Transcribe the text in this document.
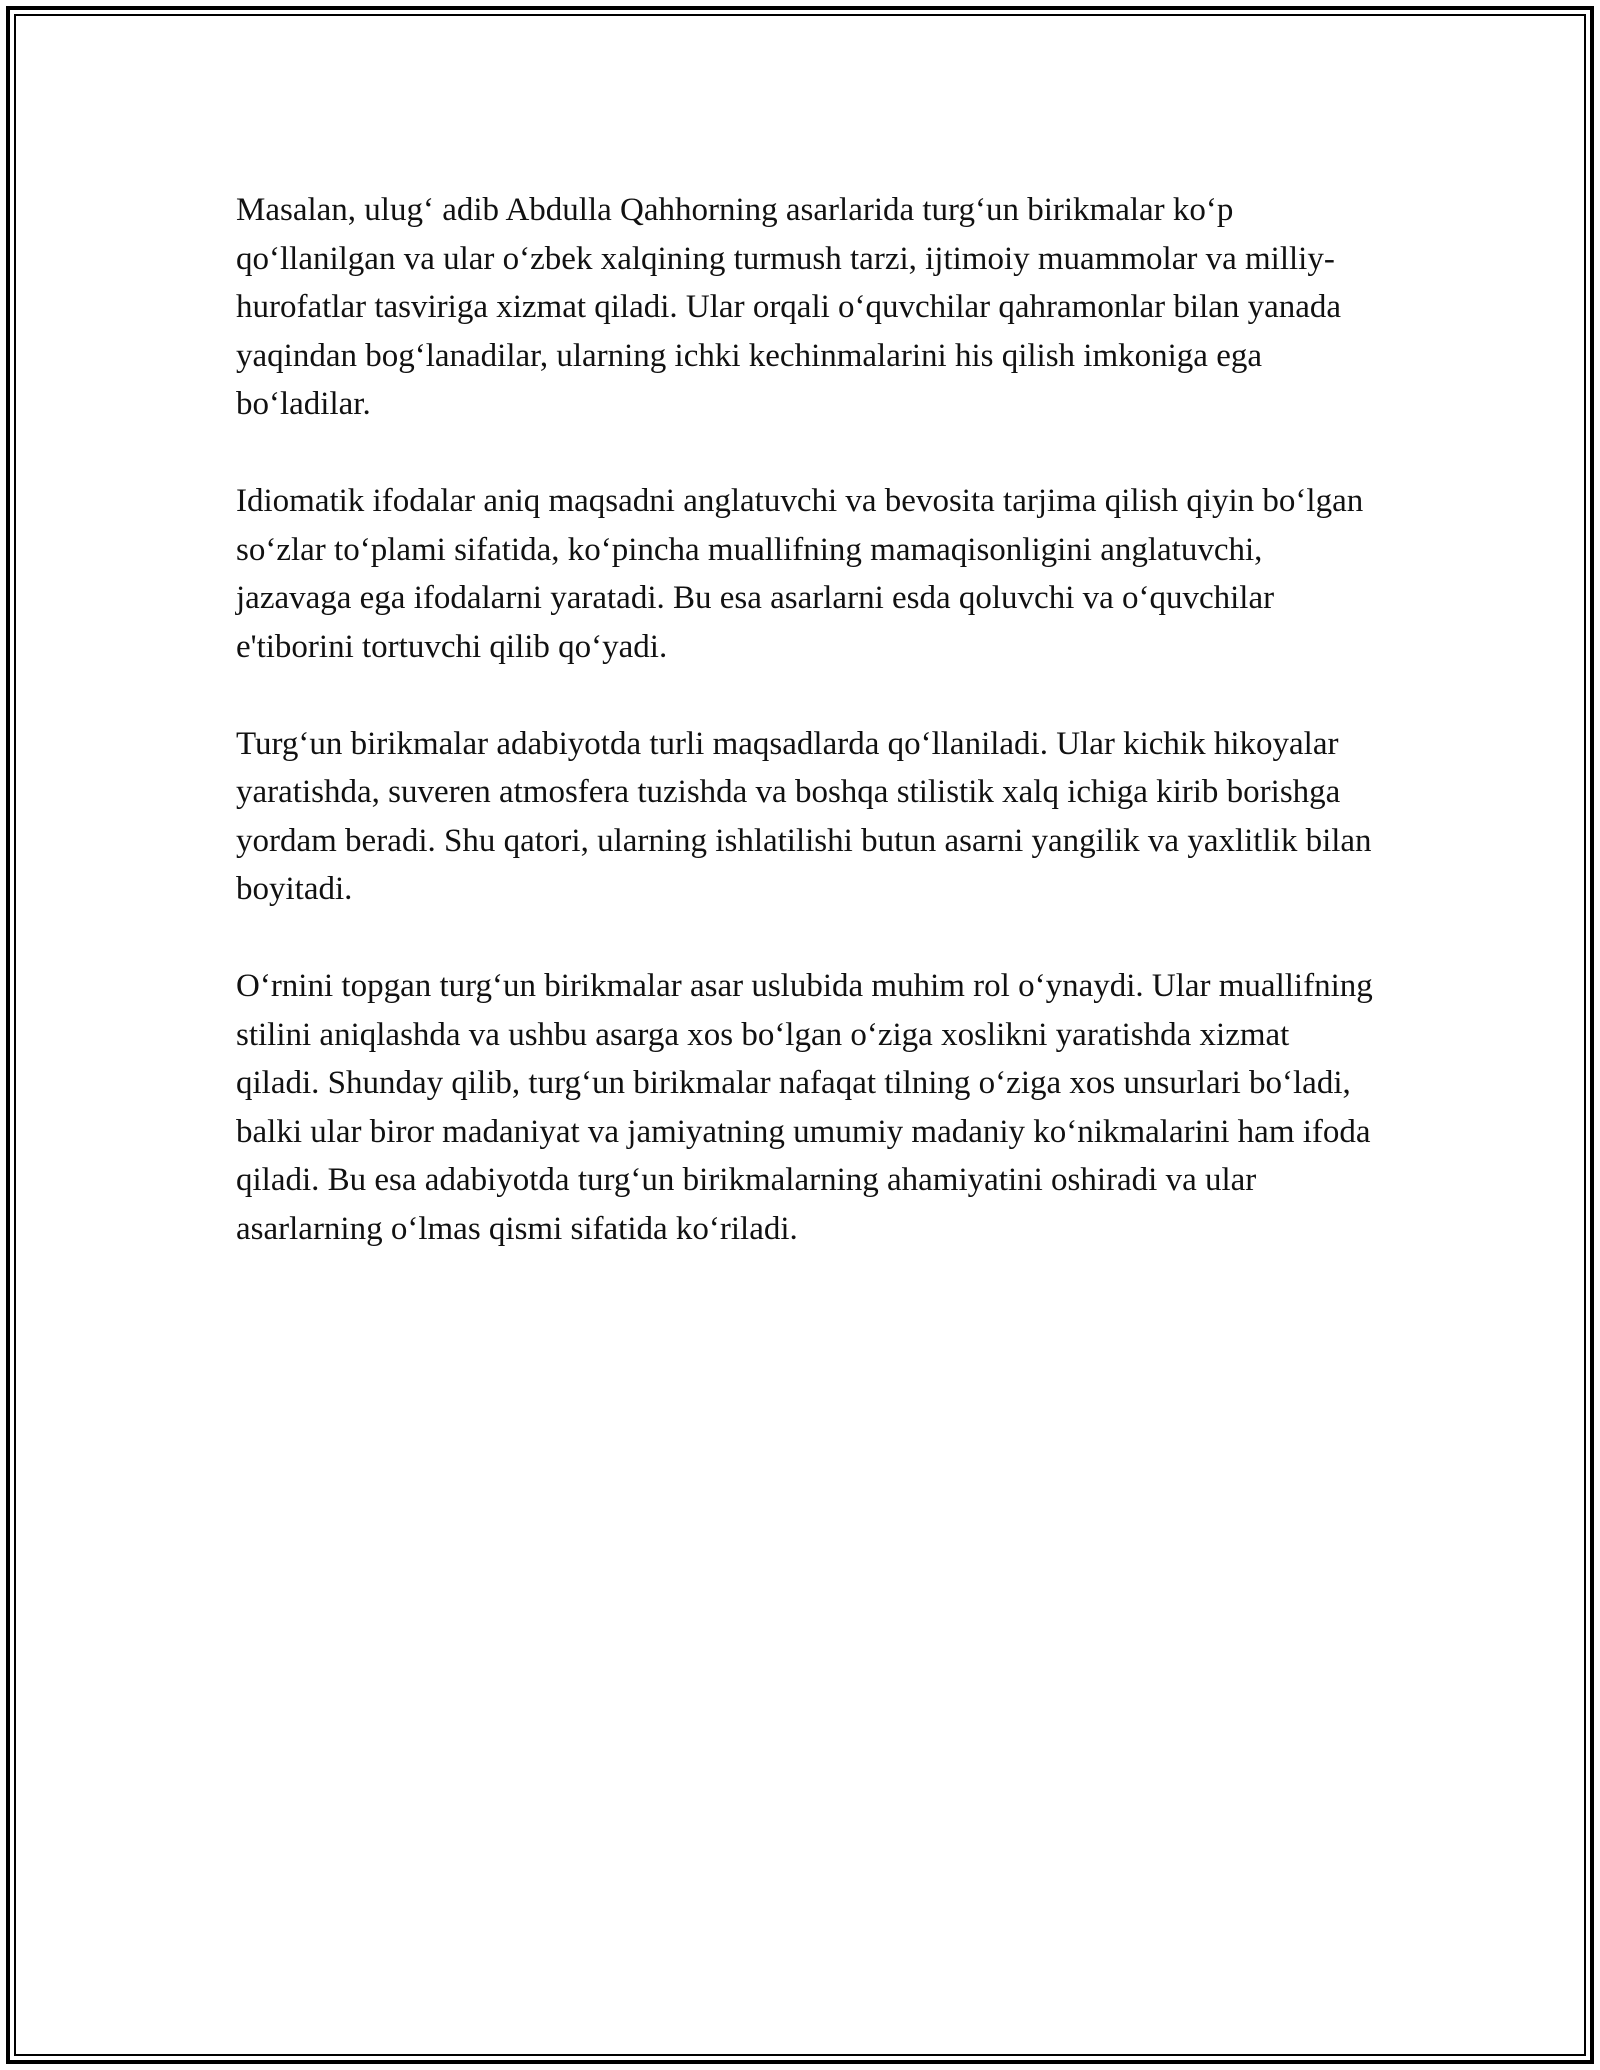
Masalan, ulug‘ adib Abdulla Qahhorning asarlarida turg‘un birikmalar ko‘p qo‘llanilgan va ular o‘zbek xalqining turmush tarzi, ijtimoiy muammolar va milliy-hurofatlar tasviriga xizmat qiladi. Ular orqali o‘quvchilar qahramonlar bilan yanada yaqindan bog‘lanadilar, ularning ichki kechinmalarini his qilish imkoniga ega bo‘ladilar.

Idiomatik ifodalar aniq maqsadni anglatuvchi va bevosita tarjima qilish qiyin bo‘lgan so‘zlar to‘plami sifatida, ko‘pincha muallifning mamaqisonligini anglatuvchi, jazavaga ega ifodalarni yaratadi. Bu esa asarlarni esda qoluvchi va o‘quvchilar e'tiborini tortuvchi qilib qo‘yadi.

Turg‘un birikmalar adabiyotda turli maqsadlarda qo‘llaniladi. Ular kichik hikoyalar yaratishda, suveren atmosfera tuzishda va boshqa stilistik xalq ichiga kirib borishga yordam beradi. Shu qatori, ularning ishlatilishi butun asarni yangilik va yaxlitlik bilan boyitadi.

O‘rnini topgan turg‘un birikmalar asar uslubida muhim rol o‘ynaydi. Ular muallifning stilini aniqlashda va ushbu asarga xos bo‘lgan o‘ziga xoslikni yaratishda xizmat qiladi. Shunday qilib, turg‘un birikmalar nafaqat tilning o‘ziga xos unsurlari bo‘ladi, balki ular biror madaniyat va jamiyatning umumiy madaniy ko‘nikmalarini ham ifoda qiladi. Bu esa adabiyotda turg‘un birikmalarning ahamiyatini oshiradi va ular asarlarning o‘lmas qismi sifatida ko‘riladi.
